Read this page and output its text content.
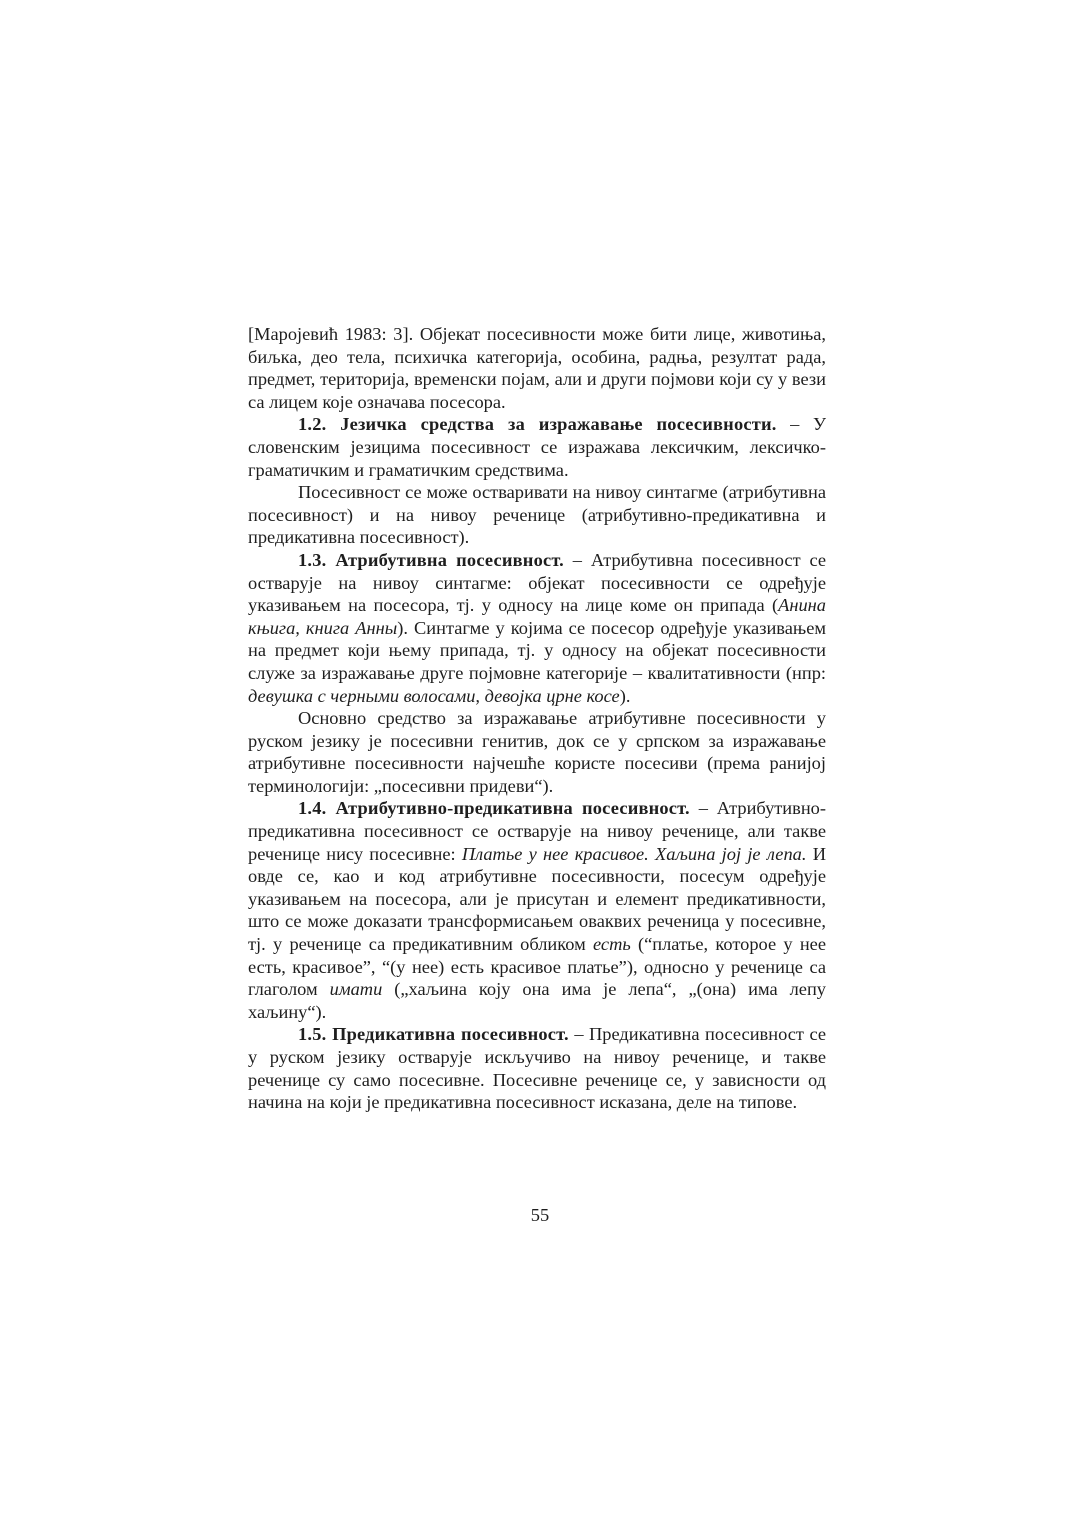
[Маројевић 1983: 3]. Објекат посесивности може бити лице, животиња, биљка, део тела, психичка категорија, особина, радња, резултат рада, предмет, територија, временски појам, али и други појмови који су у вези са лицем које означава посесора.

1.2. Језичка средства за изражавање посесивности. – У словенским језицима посесивност се изражава лексичким, лексичко-граматичким и граматичким средствима.

Посесивност се може остваривати на нивоу синтагме (атрибутивна посесивност) и на нивоу реченице (атрибутивно-предикативна и предикативна посесивност).

1.3. Атрибутивна посесивност. – Атрибутивна посесивност се остварује на нивоу синтагме: објекат посесивности се одређује указивањем на посесора, тј. у односу на лице коме он припада (Анина књига, книга Анны). Синтагме у којима се посесор одређује указивањем на предмет који њему припада, тј. у односу на објекат посесивности служе за изражавање друге појмовне категорије – квалитативности (нпр: девушка с черными волосами, девојка црне косе).

Основно средство за изражавање атрибутивне посесивности у руском језику је посесивни генитив, док се у српском за изражавање атрибутивне посесивности најчешће користе посесиви (према ранијој терминологији: „посесивни придеви“).

1.4. Атрибутивно-предикативна посесивност. – Атрибутивно-предикативна посесивност се остварује на нивоу реченице, али такве реченице нису посесивне: Платье у нее красивое. Хаљина јој је лепа. И овде се, као и код атрибутивне посесивности, посесум одређује указивањем на посесора, али је присутан и елемент предикативности, што се може доказати трансформисањем оваквих реченица у посесивне, тј. у реченице са предикативним обликом есть (“платье, которое у нее есть, красивое”, “(у нее) есть красивое платье”), односно у реченице са глаголом имати („хаљина коју она има је лепа“, „(она) има лепу хаљину“).

1.5. Предикативна посесивност. – Предикативна посесивност се у руском језику остварује искључиво на нивоу реченице, и такве реченице су само посесивне. Посесивне реченице се, у зависности од начина на који је предикативна посесивност исказана, деле на типове.

55
